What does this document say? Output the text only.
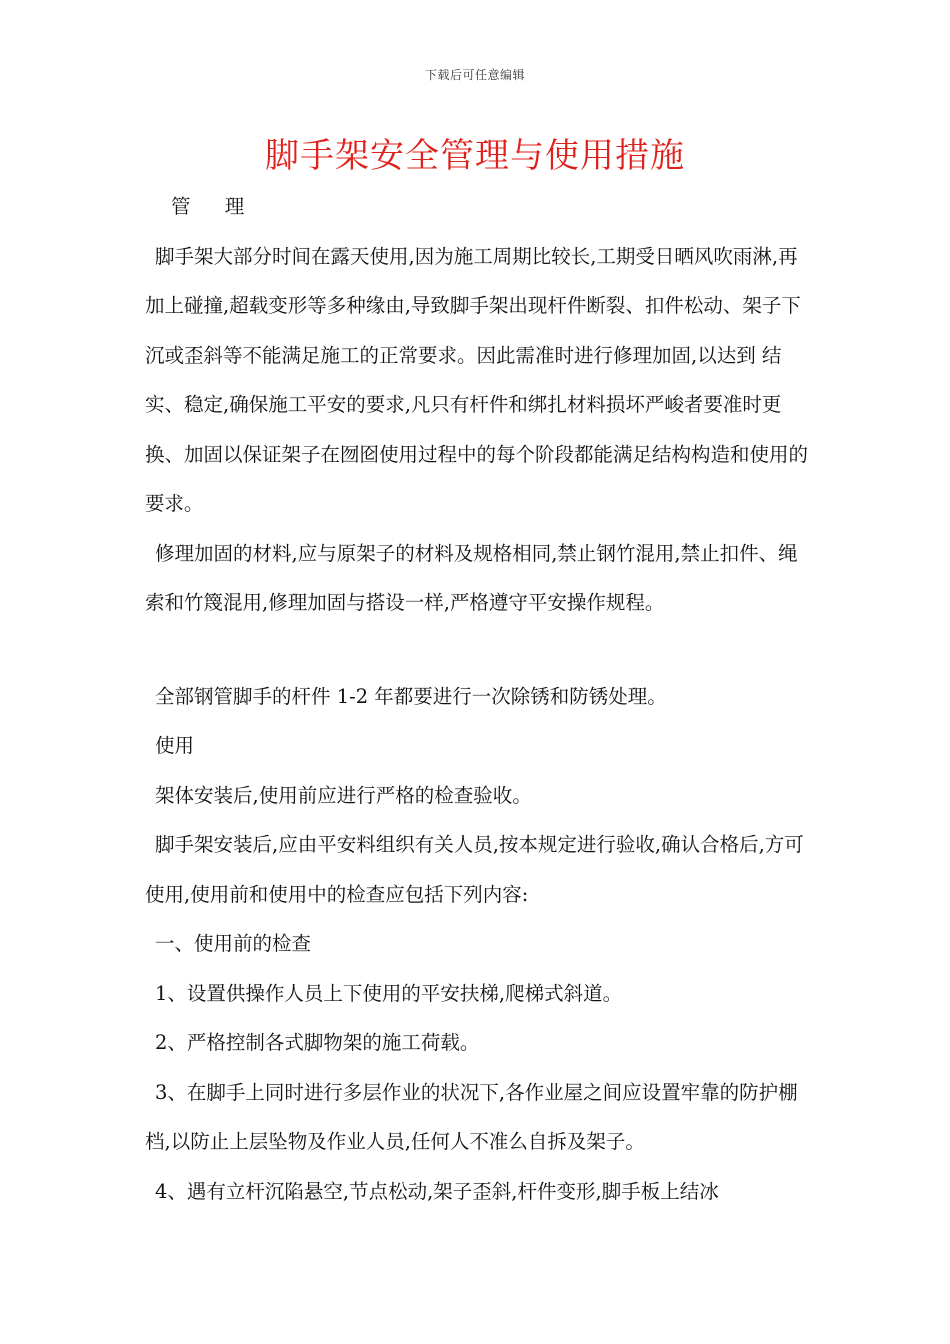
下载后可任意编辑
脚手架安全管理与使用措施

管 理

脚手架大部分时间在露天使用,因为施工周期比较长,工期受日晒风吹雨淋,再加上碰撞,超载变形等多种缘由,导致脚手架出现杆件断裂、扣件松动、架子下沉或歪斜等不能满足施工的正常要求。因此需准时进行修理加固,以达到 结实、稳定,确保施工平安的要求,凡只有杆件和绑扎材料损坏严峻者要准时更换、加固以保证架子在囫囵使用过程中的每个阶段都能满足结构构造和使用的要求。

修理加固的材料,应与原架子的材料及规格相同,禁止钢竹混用,禁止扣件、绳索和竹篾混用,修理加固与搭设一样,严格遵守平安操作规程。

全部钢管脚手的杆件 1-2 年都要进行一次除锈和防锈处理。

使用

架体安装后,使用前应进行严格的检查验收。

脚手架安装后,应由平安料组织有关人员,按本规定进行验收,确认合格后,方可使用,使用前和使用中的检查应包括下列内容:

一、使用前的检查

1、设置供操作人员上下使用的平安扶梯,爬梯式斜道。

2、严格控制各式脚物架的施工荷载。

3、在脚手上同时进行多层作业的状况下,各作业屋之间应设置牢靠的防护棚档,以防止上层坠物及作业人员,任何人不准么自拆及架子。

4、遇有立杆沉陷悬空,节点松动,架子歪斜,杆件变形,脚手板上结冰
